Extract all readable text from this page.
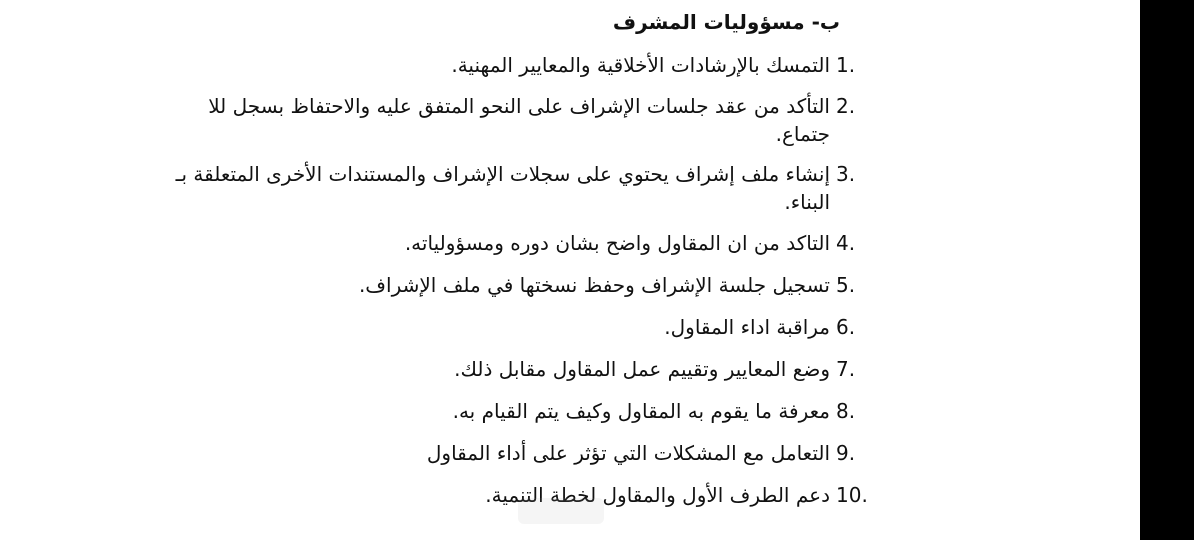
ب- مسؤوليات المشرف
1.
التمسك بالإرشادات الأخلاقية والمعايير المهنية.
2.
التأكد من عقد جلسات الإشراف على النحو المتفق عليه والاحتفاظ بسجل للا جتماع.
3.
إنشاء ملف إشراف يحتوي على سجلات الإشراف والمستندات الأخرى المتعلقة بـ البناء.
4.
التاكد من ان المقاول واضح بشان دوره ومسؤولياته.
5.
تسجيل جلسة الإشراف وحفظ نسختها في ملف الإشراف.
6.
مراقبة اداء المقاول.
7.
وضع المعايير وتقييم عمل المقاول مقابل ذلك.
8.
معرفة ما يقوم به المقاول وكيف يتم القيام به.
9.
التعامل مع المشكلات التي تؤثر على أداء المقاول
10.
دعم الطرف الأول والمقاول لخطة التنمية.
